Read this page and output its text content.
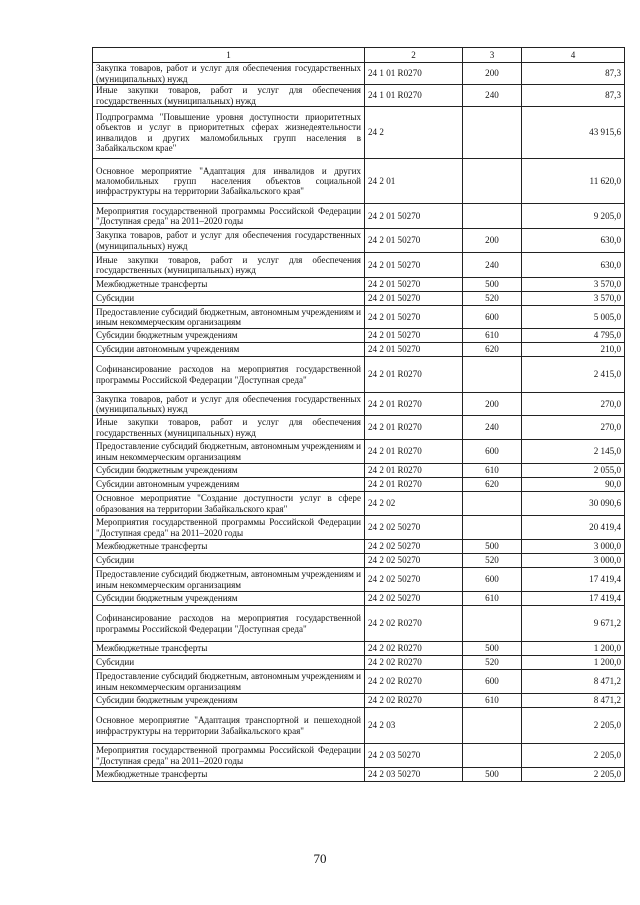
1	2	3	4
Закупка товаров, работ и услуг для обеспечения государственных (муниципальных) нужд	24 1 01 R0270	200	87,3
Иные закупки товаров, работ и услуг для обеспечения государственных (муниципальных) нужд	24 1 01 R0270	240	87,3
Подпрограмма "Повышение уровня доступности приоритетных объектов и услуг в приоритетных сферах жизнедеятельности инвалидов и других маломобильных групп населения в Забайкальском крае"	24 2		43 915,6
Основное мероприятие "Адаптация для инвалидов и других маломобильных групп населения объектов социальной инфраструктуры на территории Забайкальского края"	24 2 01		11 620,0
Мероприятия государственной программы Российской Федерации "Доступная среда" на 2011–2020 годы	24 2 01 50270		9 205,0
Закупка товаров, работ и услуг для обеспечения государственных (муниципальных) нужд	24 2 01 50270	200	630,0
Иные закупки товаров, работ и услуг для обеспечения государственных (муниципальных) нужд	24 2 01 50270	240	630,0
Межбюджетные трансферты	24 2 01 50270	500	3 570,0
Субсидии	24 2 01 50270	520	3 570,0
Предоставление субсидий бюджетным, автономным учреждениям и иным некоммерческим организациям	24 2 01 50270	600	5 005,0
Субсидии бюджетным учреждениям	24 2 01 50270	610	4 795,0
Субсидии автономным учреждениям	24 2 01 50270	620	210,0
Софинансирование расходов на мероприятия государственной программы Российской Федерации "Доступная среда"	24 2 01 R0270		2 415,0
Закупка товаров, работ и услуг для обеспечения государственных (муниципальных) нужд	24 2 01 R0270	200	270,0
Иные закупки товаров, работ и услуг для обеспечения государственных (муниципальных) нужд	24 2 01 R0270	240	270,0
Предоставление субсидий бюджетным, автономным учреждениям и иным некоммерческим организациям	24 2 01 R0270	600	2 145,0
Субсидии бюджетным учреждениям	24 2 01 R0270	610	2 055,0
Субсидии автономным учреждениям	24 2 01 R0270	620	90,0
Основное мероприятие "Создание доступности услуг в сфере образования на территории Забайкальского края"	24 2 02		30 090,6
Мероприятия государственной программы Российской Федерации "Доступная среда" на 2011–2020 годы	24 2 02 50270		20 419,4
Межбюджетные трансферты	24 2 02 50270	500	3 000,0
Субсидии	24 2 02 50270	520	3 000,0
Предоставление субсидий бюджетным, автономным учреждениям и иным некоммерческим организациям	24 2 02 50270	600	17 419,4
Субсидии бюджетным учреждениям	24 2 02 50270	610	17 419,4
Софинансирование расходов на мероприятия государственной программы Российской Федерации "Доступная среда"	24 2 02 R0270		9 671,2
Межбюджетные трансферты	24 2 02 R0270	500	1 200,0
Субсидии	24 2 02 R0270	520	1 200,0
Предоставление субсидий бюджетным, автономным учреждениям и иным некоммерческим организациям	24 2 02 R0270	600	8 471,2
Субсидии бюджетным учреждениям	24 2 02 R0270	610	8 471,2
Основное мероприятие "Адаптация транспортной и пешеходной инфраструктуры на территории Забайкальского края"	24 2 03		2 205,0
Мероприятия государственной программы Российской Федерации "Доступная среда" на 2011–2020 годы	24 2 03 50270		2 205,0
Межбюджетные трансферты	24 2 03 50270	500	2 205,0
70
